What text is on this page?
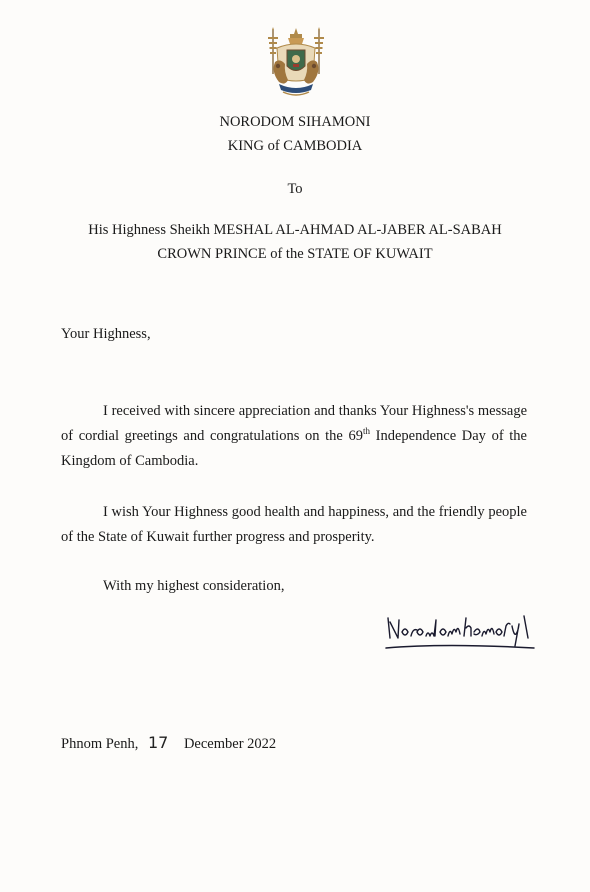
NORODOM SIHAMONI
KING of CAMBODIA
To
His Highness Sheikh MESHAL AL-AHMAD AL-JABER AL-SABAH
CROWN PRINCE of the STATE OF KUWAIT
Your Highness,

I received with sincere appreciation and thanks Your Highness's message of cordial greetings and congratulations on the 69th Independence Day of the Kingdom of Cambodia.

I wish Your Highness good health and happiness, and the friendly people of the State of Kuwait further progress and prosperity.

With my highest consideration,
Phnom Penh, 17 December 2022
